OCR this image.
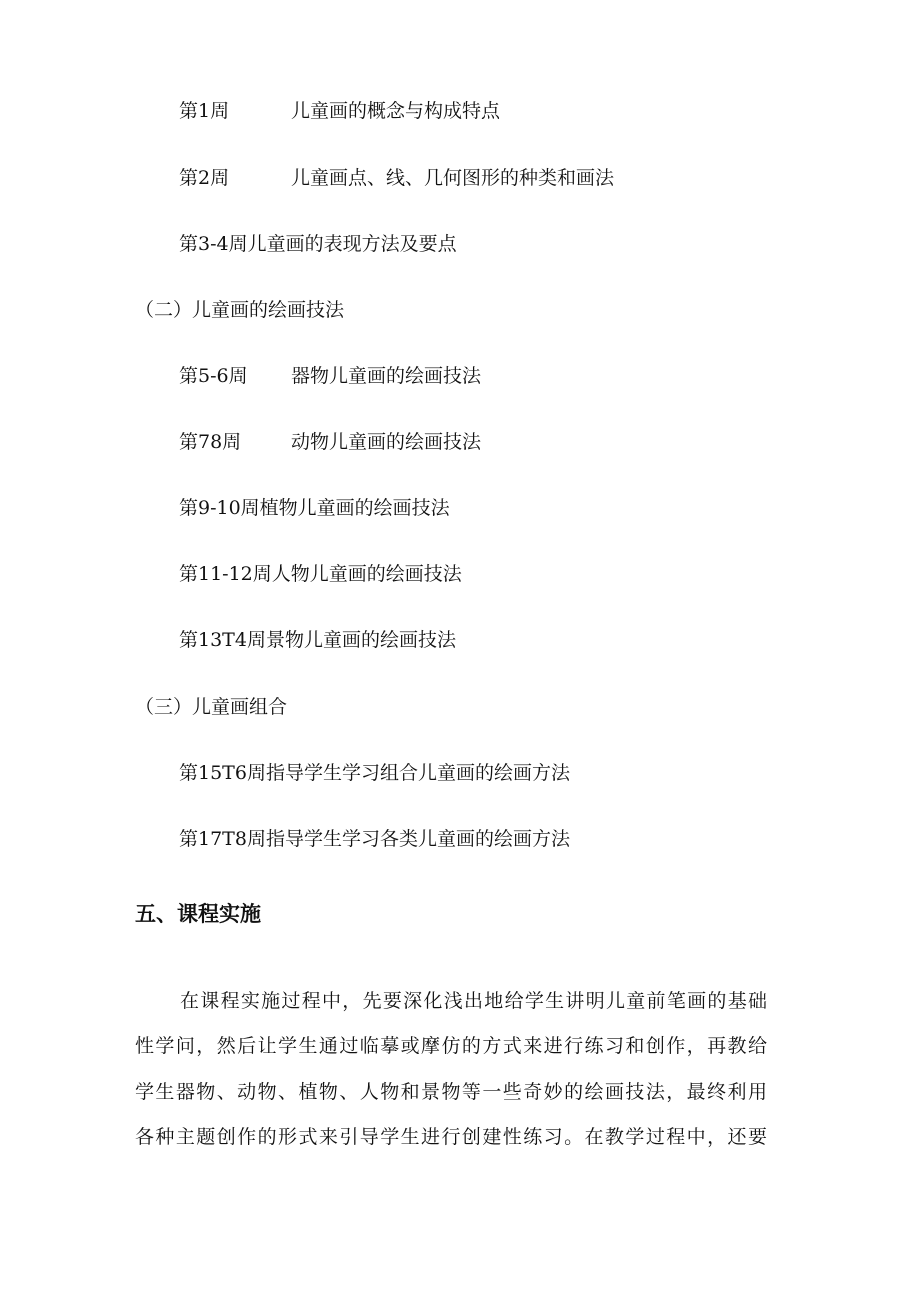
第1周	儿童画的概念与构成特点
第2周	儿童画点、线、几何图形的种类和画法
第3-4周儿童画的表现方法及要点
（二）儿童画的绘画技法
第5-6周 器物儿童画的绘画技法
第78周	动物儿童画的绘画技法
第9-10周植物儿童画的绘画技法
第11-12周人物儿童画的绘画技法
第13T4周景物儿童画的绘画技法
（三）儿童画组合
第15T6周指导学生学习组合儿童画的绘画方法
第17T8周指导学生学习各类儿童画的绘画方法
五、课程实施
在课程实施过程中，先要深化浅出地给学生讲明儿童前笔画的基础
性学问，然后让学生通过临摹或摩仿的方式来进行练习和创作，再教给
学生器物、动物、植物、人物和景物等一些奇妙的绘画技法，最终利用
各种主题创作的形式来引导学生进行创建性练习。在教学过程中，还要
